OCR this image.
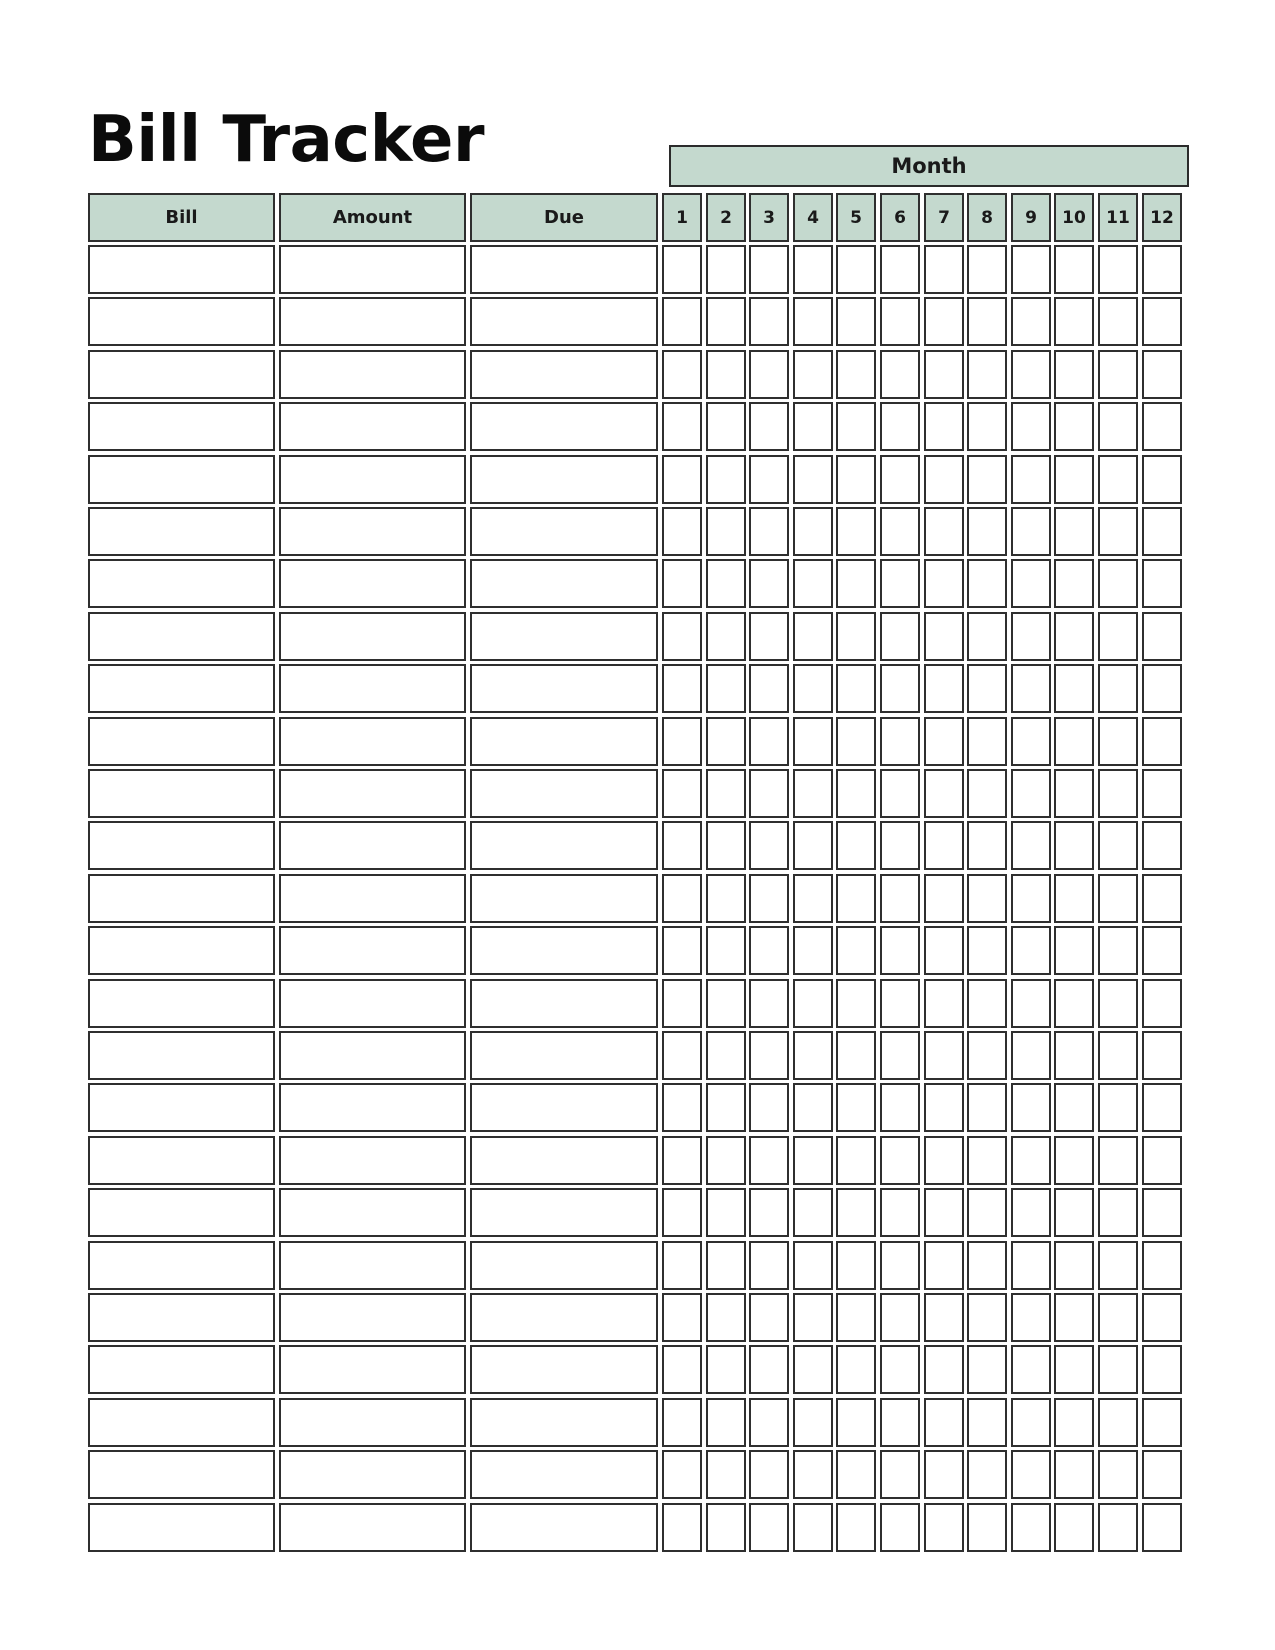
Bill Tracker	Month
Bill	Amount	Due	1	2	3	4	5	6	7	8	9	10	11	12
